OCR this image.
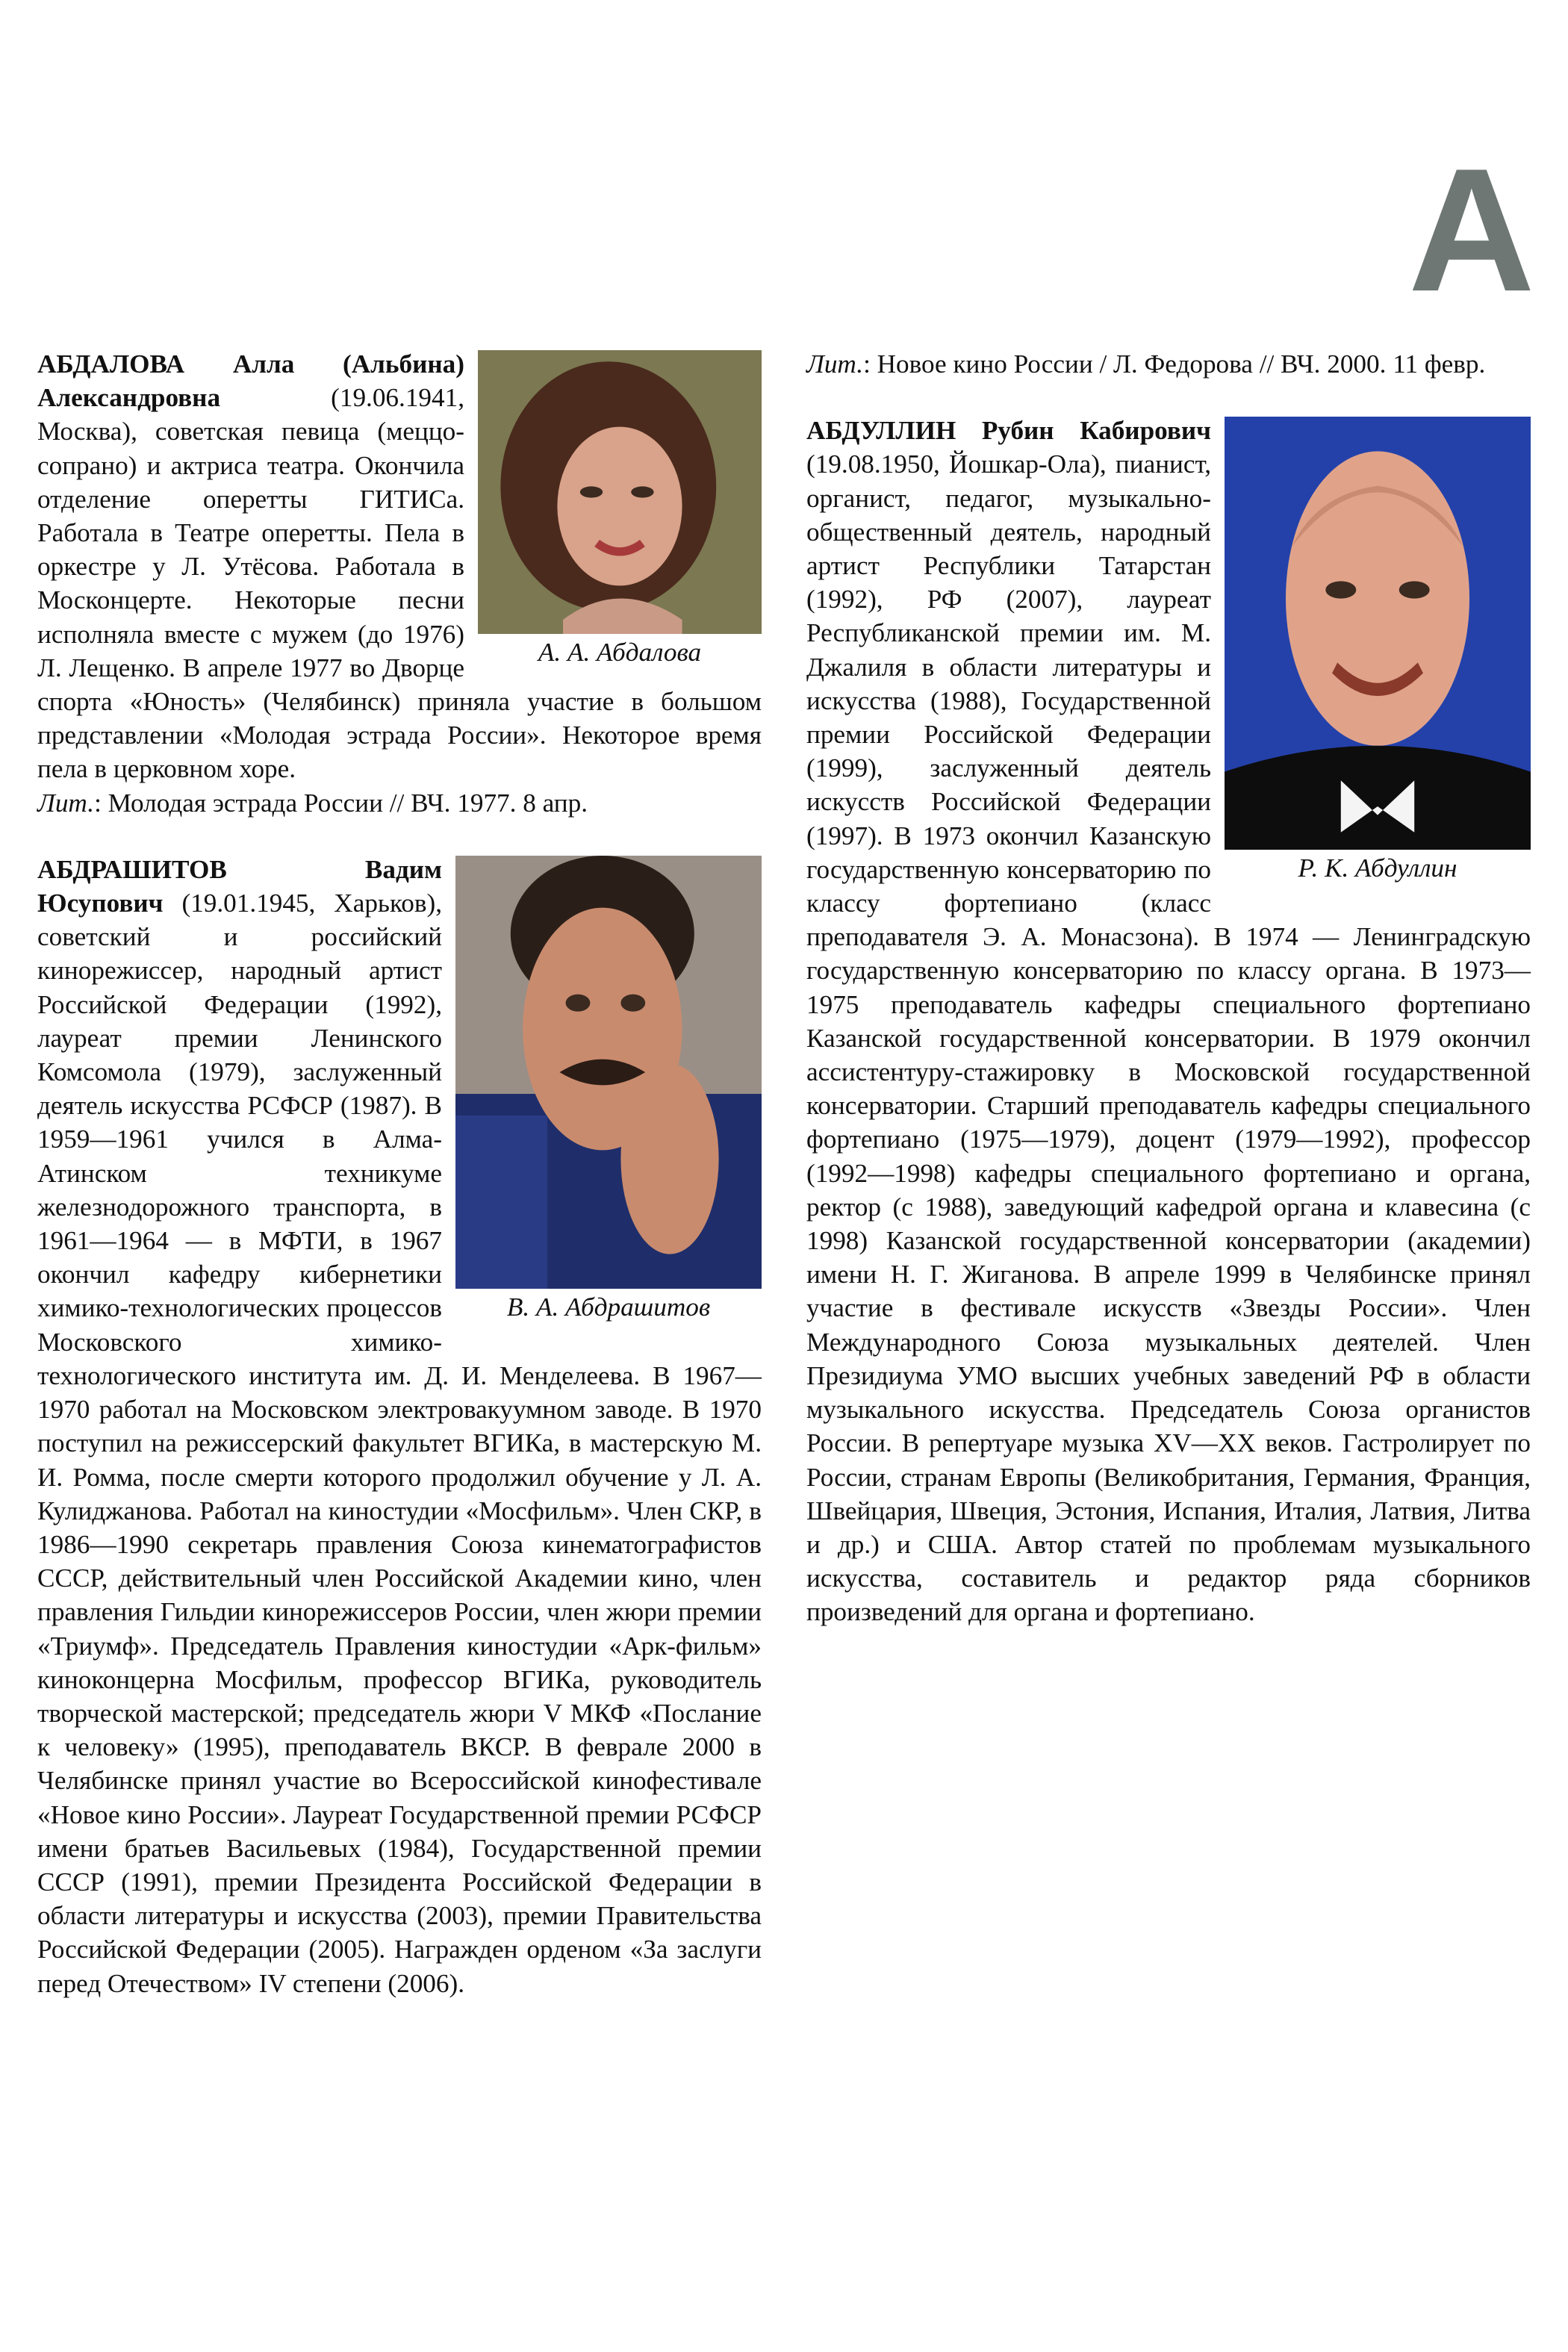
А
А. А. Абдалова

АБДАЛОВА Алла (Альбина) Александровна (19.06.1941, Москва), советская певица (меццо-сопрано) и актриса театра. Окончила отделение оперетты ГИТИСа. Работала в Театре оперетты. Пела в оркестре у Л. Утёсова. Работала в Москонцерте. Некоторые песни исполняла вместе с мужем (до 1976) Л. Лещенко. В апреле 1977 во Дворце спорта «Юность» (Челябинск) приняла участие в большом представлении «Молодая эстрада России». Некоторое время пела в церковном хоре.

Лит.: Молодая эстрада России // ВЧ. 1977. 8 апр.

В. А. Абдрашитов

АБДРАШИТОВ Вадим Юсупович (19.01.1945, Харьков), советский и российский кинорежиссер, народный артист Российской Федерации (1992), лауреат премии Ленинского Комсомола (1979), заслуженный деятель искусства РСФСР (1987). В 1959—1961 учился в Алма-Атинском техникуме железнодорожного транспорта, в 1961—1964 — в МФТИ, в 1967 окончил кафедру кибернетики химико-технологических процессов Московского химико-технологического института им. Д. И. Менделеева. В 1967—1970 работал на Московском электровакуумном заводе. В 1970 поступил на режиссерский факультет ВГИКа, в мастерскую М. И. Ромма, после смерти которого продолжил обучение у Л. А. Кулиджанова. Работал на киностудии «Мосфильм». Член СКР, в 1986—1990 секретарь правления Союза кинематографистов СССР, действительный член Российской Академии кино, член правления Гильдии кинорежиссеров России, член жюри премии «Триумф». Председатель Правления киностудии «Арк-фильм» киноконцерна Мосфильм, профессор ВГИКа, руководитель творческой мастерской; председатель жюри V МКФ «Послание к человеку» (1995), преподаватель ВКСР. В феврале 2000 в Челябинске принял участие во Всероссийской кинофестивале «Новое кино России». Лауреат Государственной премии РСФСР имени братьев Васильевых (1984), Государственной премии СССР (1991), премии Президента Российской Федерации в области литературы и искусства (2003), премии Правительства Российской Федерации (2005). Награжден орденом «За заслуги перед Отечеством» IV степени (2006).

Лит.: Новое кино России / Л. Федорова // ВЧ. 2000. 11 февр.

Р. К. Абдуллин

АБДУЛЛИН Рубин Кабирович (19.08.1950, Йошкар-Ола), пианист, органист, педагог, музыкально-общественный деятель, народный артист Республики Татарстан (1992), РФ (2007), лауреат Республиканской премии им. М. Джалиля в области литературы и искусства (1988), Государственной премии Российской Федерации (1999), заслуженный деятель искусств Российской Федерации (1997). В 1973 окончил Казанскую государственную консерваторию по классу фортепиано (класс преподавателя Э. А. Монасзона). В 1974 — Ленинградскую государственную консерваторию по классу органа. В 1973—1975 преподаватель кафедры специального фортепиано Казанской государственной консерватории. В 1979 окончил ассистентуру-стажировку в Московской государственной консерватории. Старший преподаватель кафедры специального фортепиано (1975—1979), доцент (1979—1992), профессор (1992—1998) кафедры специального фортепиано и органа, ректор (с 1988), заведующий кафедрой органа и клавесина (с 1998) Казанской государственной консерватории (академии) имени Н. Г. Жиганова. В апреле 1999 в Челябинске принял участие в фестивале искусств «Звезды России». Член Международного Союза музыкальных деятелей. Член Президиума УМО высших учебных заведений РФ в области музыкального искусства. Председатель Союза органистов России. В репертуаре музыка XV—XX веков. Гастролирует по России, странам Европы (Великобритания, Германия, Франция, Швейцария, Швеция, Эстония, Испания, Италия, Латвия, Литва и др.) и США. Автор статей по проблемам музыкального искусства, составитель и редактор ряда сборников произведений для органа и фортепиано.
